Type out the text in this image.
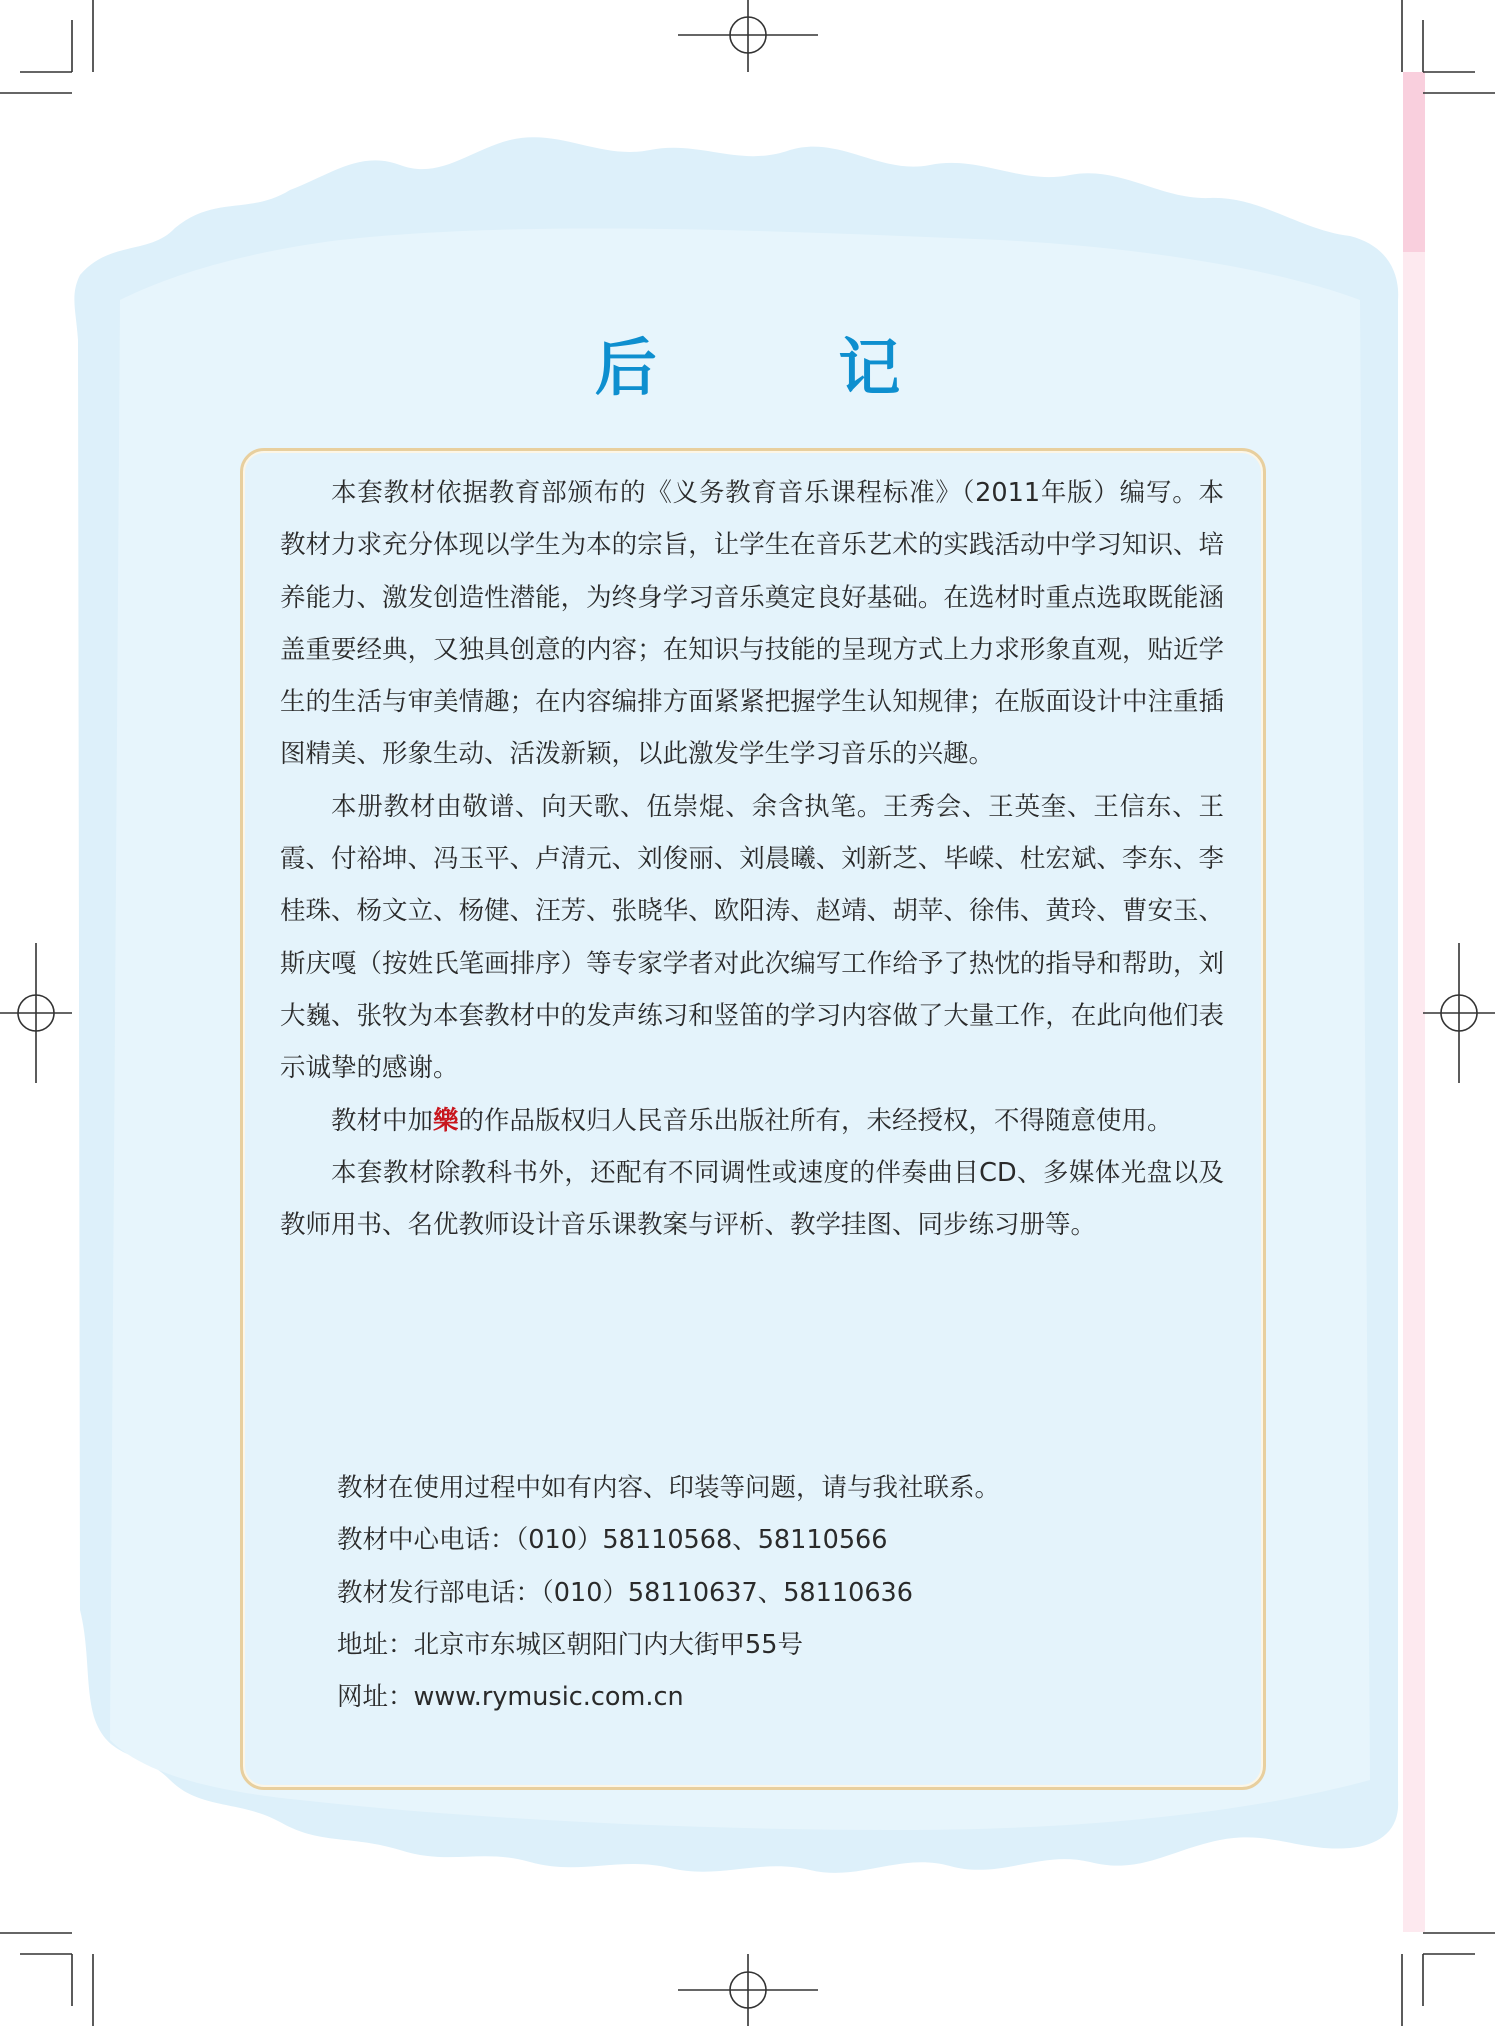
后 记

本套教材依据教育部颁布的《义务教育音乐课程标准》（2011年版）编写。本教材力求充分体现以学生为本的宗旨，让学生在音乐艺术的实践活动中学习知识、培养能力、激发创造性潜能，为终身学习音乐奠定良好基础。在选材时重点选取既能涵盖重要经典，又独具创意的内容；在知识与技能的呈现方式上力求形象直观，贴近学生的生活与审美情趣；在内容编排方面紧紧把握学生认知规律；在版面设计中注重插图精美、形象生动、活泼新颖，以此激发学生学习音乐的兴趣。

本册教材由敬谱、向天歌、伍崇焜、余含执笔。王秀会、王英奎、王信东、王霞、付裕坤、冯玉平、卢清元、刘俊丽、刘晨曦、刘新芝、毕嵘、杜宏斌、李东、李桂珠、杨文立、杨健、汪芳、张晓华、欧阳涛、赵靖、胡苹、徐伟、黄玲、曹安玉、斯庆嘎（按姓氏笔画排序）等专家学者对此次编写工作给予了热忱的指导和帮助，刘大巍、张牧为本套教材中的发声练习和竖笛的学习内容做了大量工作，在此向他们表示诚挚的感谢。

教材中加樂的作品版权归人民音乐出版社所有，未经授权，不得随意使用。

本套教材除教科书外，还配有不同调性或速度的伴奏曲目CD、多媒体光盘以及教师用书、名优教师设计音乐课教案与评析、教学挂图、同步练习册等。

教材在使用过程中如有内容、印装等问题，请与我社联系。
教材中心电话：（010）58110568、58110566
教材发行部电话：（010）58110637、58110636
地址：北京市东城区朝阳门内大街甲55号
网址：www.rymusic.com.cn
